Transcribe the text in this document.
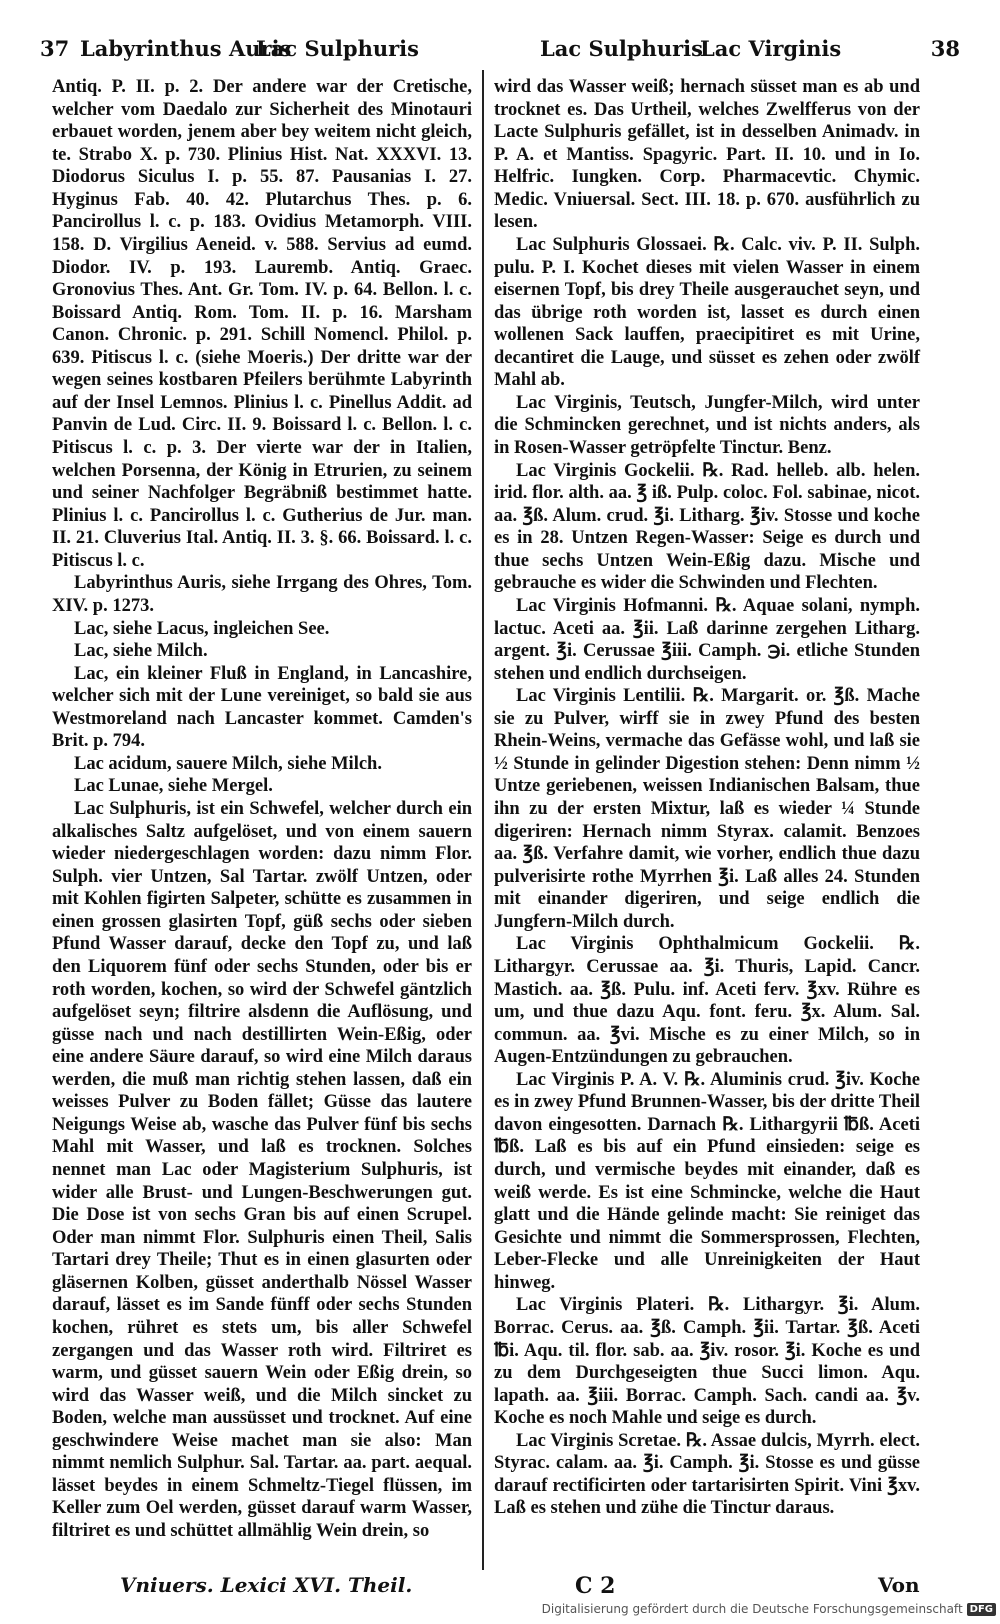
37 Labyrinthus Auris
Lac Sulphuris	Lac Sulphuris
Lac Virginis	38

Antiq. P. II. p. 2. Der andere war der Cretische, welcher vom Daedalo zur Sicherheit des Minotauri erbauet worden, jenem aber bey weitem nicht gleich, te. Strabo X. p. 730. Plinius Hist. Nat. XXXVI. 13. Diodorus Siculus I. p. 55. 87. Pausanias I. 27. Hyginus Fab. 40. 42. Plutarchus Thes. p. 6. Pancirollus l. c. p. 183. Ovidius Metamorph. VIII. 158. D. Virgilius Aeneid. v. 588. Servius ad eumd. Diodor. IV. p. 193. Lauremb. Antiq. Graec. Gronovius Thes. Ant. Gr. Tom. IV. p. 64. Bellon. l. c. Boissard Antiq. Rom. Tom. II. p. 16. Marsham Canon. Chronic. p. 291. Schill Nomencl. Philol. p. 639. Pitiscus l. c. (siehe Moeris.) Der dritte war der wegen seines kostbaren Pfeilers berühmte Labyrinth auf der Insel Lemnos. Plinius l. c. Pinellus Addit. ad Panvin de Lud. Circ. II. 9. Boissard l. c. Bellon. l. c. Pitiscus l. c. p. 3. Der vierte war der in Italien, welchen Porsenna, der König in Etrurien, zu seinem und seiner Nachfolger Begräbniß bestimmet hatte. Plinius l. c. Pancirollus l. c. Gutherius de Jur. man. II. 21. Cluverius Ital. Antiq. II. 3. §. 66. Boissard. l. c. Pitiscus l. c.

Labyrinthus Auris, siehe Irrgang des Ohres, Tom. XIV. p. 1273.

Lac, siehe Lacus, ingleichen See.

Lac, siehe Milch.

Lac, ein kleiner Fluß in England, in Lancashire, welcher sich mit der Lune vereiniget, so bald sie aus Westmoreland nach Lancaster kommet. Camden's Brit. p. 794.

Lac acidum, sauere Milch, siehe Milch.

Lac Lunae, siehe Mergel.

Lac Sulphuris, ist ein Schwefel, welcher durch ein alkalisches Saltz aufgelöset, und von einem sauern wieder niedergeschlagen worden: dazu nimm Flor. Sulph. vier Untzen, Sal Tartar. zwölf Untzen, oder mit Kohlen figirten Salpeter, schütte es zusammen in einen grossen glasirten Topf, güß sechs oder sieben Pfund Wasser darauf, decke den Topf zu, und laß den Liquorem fünf oder sechs Stunden, oder bis er roth worden, kochen, so wird der Schwefel gäntzlich aufgelöset seyn; filtrire alsdenn die Auflösung, und güsse nach und nach destillirten Wein-Eßig, oder eine andere Säure darauf, so wird eine Milch daraus werden, die muß man richtig stehen lassen, daß ein weisses Pulver zu Boden fället; Güsse das lautere Neigungs Weise ab, wasche das Pulver fünf bis sechs Mahl mit Wasser, und laß es trocknen. Solches nennet man Lac oder Magisterium Sulphuris, ist wider alle Brust- und Lungen-Beschwerungen gut. Die Dose ist von sechs Gran bis auf einen Scrupel. Oder man nimmt Flor. Sulphuris einen Theil, Salis Tartari drey Theile; Thut es in einen glasurten oder gläsernen Kolben, güsset anderthalb Nössel Wasser darauf, lässet es im Sande fünff oder sechs Stunden kochen, rühret es stets um, bis aller Schwefel zergangen und das Wasser roth wird. Filtriret es warm, und güsset sauern Wein oder Eßig drein, so wird das Wasser weiß, und die Milch sincket zu Boden, welche man aussüsset und trocknet. Auf eine geschwindere Weise machet man sie also: Man nimmt nemlich Sulphur. Sal. Tartar. aa. part. aequal. lässet beydes in einem Schmeltz-Tiegel flüssen, im Keller zum Oel werden, güsset darauf warm Wasser, filtriret es und schüttet allmählig Wein drein, so

wird das Wasser weiß; hernach süsset man es ab und trocknet es. Das Urtheil, welches Zwelfferus von der Lacte Sulphuris gefället, ist in desselben Animadv. in P. A. et Mantiss. Spagyric. Part. II. 10. und in Io. Helfric. Iungken. Corp. Pharmacevtic. Chymic. Medic. Vniuersal. Sect. III. 18. p. 670. ausführlich zu lesen.

Lac Sulphuris Glossaei. ℞. Calc. viv. P. II. Sulph. pulu. P. I. Kochet dieses mit vielen Wasser in einem eisernen Topf, bis drey Theile ausgerauchet seyn, und das übrige roth worden ist, lasset es durch einen wollenen Sack lauffen, praecipitiret es mit Urine, decantiret die Lauge, und süsset es zehen oder zwölf Mahl ab.

Lac Virginis, Teutsch, Jungfer-Milch, wird unter die Schmincken gerechnet, und ist nichts anders, als in Rosen-Wasser getröpfelte Tinctur. Benz.

Lac Virginis Gockelii. ℞. Rad. helleb. alb. helen. irid. flor. alth. aa. ℥ iß. Pulp. coloc. Fol. sabinae, nicot. aa. ℥ß. Alum. crud. ℥i. Litharg. ℥iv. Stosse und koche es in 28. Untzen Regen-Wasser: Seige es durch und thue sechs Untzen Wein-Eßig dazu. Mische und gebrauche es wider die Schwinden und Flechten.

Lac Virginis Hofmanni. ℞. Aquae solani, nymph. lactuc. Aceti aa. ℥ii. Laß darinne zergehen Litharg. argent. ℥i. Cerussae ℥iii. Camph. ℈i. etliche Stunden stehen und endlich durchseigen.

Lac Virginis Lentilii. ℞. Margarit. or. ℥ß. Mache sie zu Pulver, wirff sie in zwey Pfund des besten Rhein-Weins, vermache das Gefässe wohl, und laß sie ½ Stunde in gelinder Digestion stehen: Denn nimm ½ Untze geriebenen, weissen Indianischen Balsam, thue ihn zu der ersten Mixtur, laß es wieder ¼ Stunde digeriren: Hernach nimm Styrax. calamit. Benzoes aa. ℥ß. Verfahre damit, wie vorher, endlich thue dazu pulverisirte rothe Myrrhen ℥i. Laß alles 24. Stunden mit einander digeriren, und seige endlich die Jungfern-Milch durch.

Lac Virginis Ophthalmicum Gockelii. ℞. Lithargyr. Cerussae aa. ℥i. Thuris, Lapid. Cancr. Mastich. aa. ℥ß. Pulu. inf. Aceti ferv. ℥xv. Rühre es um, und thue dazu Aqu. font. feru. ℥x. Alum. Sal. commun. aa. ℥vi. Mische es zu einer Milch, so in Augen-Entzündungen zu gebrauchen.

Lac Virginis P. A. V. ℞. Aluminis crud. ℥iv. Koche es in zwey Pfund Brunnen-Wasser, bis der dritte Theil davon eingesotten. Darnach ℞. Lithargyrii ℔ß. Aceti ℔ß. Laß es bis auf ein Pfund einsieden: seige es durch, und vermische beydes mit einander, daß es weiß werde. Es ist eine Schmincke, welche die Haut glatt und die Hände gelinde macht: Sie reiniget das Gesichte und nimmt die Sommersprossen, Flechten, Leber-Flecke und alle Unreinigkeiten der Haut hinweg.

Lac Virginis Plateri. ℞. Lithargyr. ℥i. Alum. Borrac. Cerus. aa. ℥ß. Camph. ℥ii. Tartar. ℥ß. Aceti ℔i. Aqu. til. flor. sab. aa. ℥iv. rosor. ℥i. Koche es und zu dem Durchgeseigten thue Succi limon. Aqu. lapath. aa. ℥iii. Borrac. Camph. Sach. candi aa. ℥v. Koche es noch Mahle und seige es durch.

Lac Virginis Scretae. ℞. Assae dulcis, Myrrh. elect. Styrac. calam. aa. ℥i. Camph. ℥i. Stosse es und güsse darauf rectificirten oder tartarisirten Spirit. Vini ℥xv. Laß es stehen und zühe die Tinctur daraus.

Vniuers. Lexici XVI. Theil.	C 2	Von
Digitalisierung gefördert durch die Deutsche Forschungsgemeinschaft DFG
